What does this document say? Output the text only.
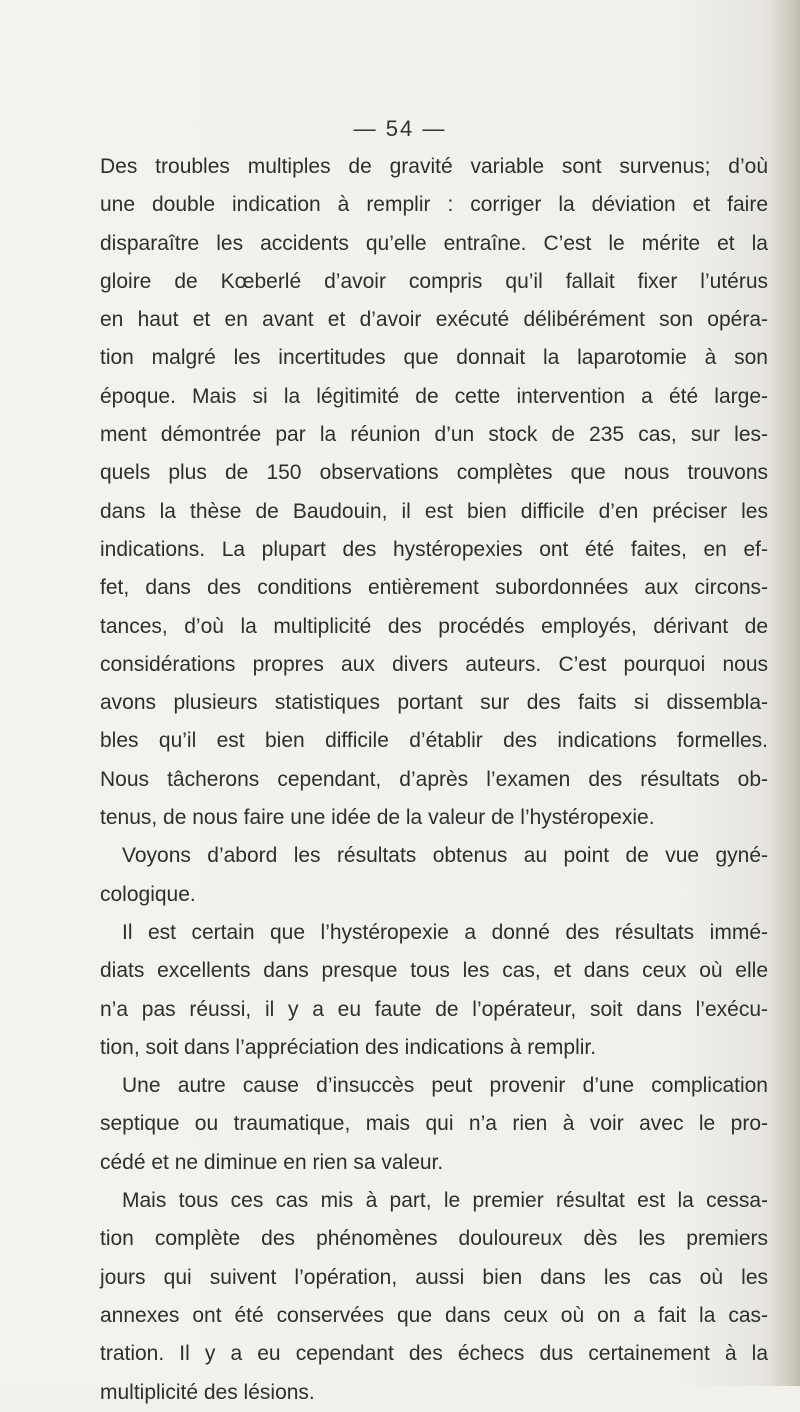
— 54 —
Des troubles multiples de gravité variable sont survenus; d’où
une double indication à remplir : corriger la déviation et faire
disparaître les accidents qu’elle entraîne. C’est le mérite et la
gloire de Kœberlé d’avoir compris qu’il fallait fixer l’utérus
en haut et en avant et d’avoir exécuté délibérément son opéra-
tion malgré les incertitudes que donnait la laparotomie à son
époque. Mais si la légitimité de cette intervention a été large-
ment démontrée par la réunion d’un stock de 235 cas, sur les-
quels plus de 150 observations complètes que nous trouvons
dans la thèse de Baudouin, il est bien difficile d’en préciser les
indications. La plupart des hystéropexies ont été faites, en ef-
fet, dans des conditions entièrement subordonnées aux circons-
tances, d’où la multiplicité des procédés employés, dérivant de
considérations propres aux divers auteurs. C’est pourquoi nous
avons plusieurs statistiques portant sur des faits si dissembla-
bles qu’il est bien difficile d’établir des indications formelles.
Nous tâcherons cependant, d’après l’examen des résultats ob-
tenus, de nous faire une idée de la valeur de l’hystéropexie.
Voyons d’abord les résultats obtenus au point de vue gyné-
cologique.
Il est certain que l’hystéropexie a donné des résultats immé-
diats excellents dans presque tous les cas, et dans ceux où elle
n’a pas réussi, il y a eu faute de l’opérateur, soit dans l’exécu-
tion, soit dans l’appréciation des indications à remplir.
Une autre cause d’insuccès peut provenir d’une complication
septique ou traumatique, mais qui n’a rien à voir avec le pro-
cédé et ne diminue en rien sa valeur.
Mais tous ces cas mis à part, le premier résultat est la cessa-
tion complète des phénomènes douloureux dès les premiers
jours qui suivent l’opération, aussi bien dans les cas où les
annexes ont été conservées que dans ceux où on a fait la cas-
tration. Il y a eu cependant des échecs dus certainement à la
multiplicité des lésions.
